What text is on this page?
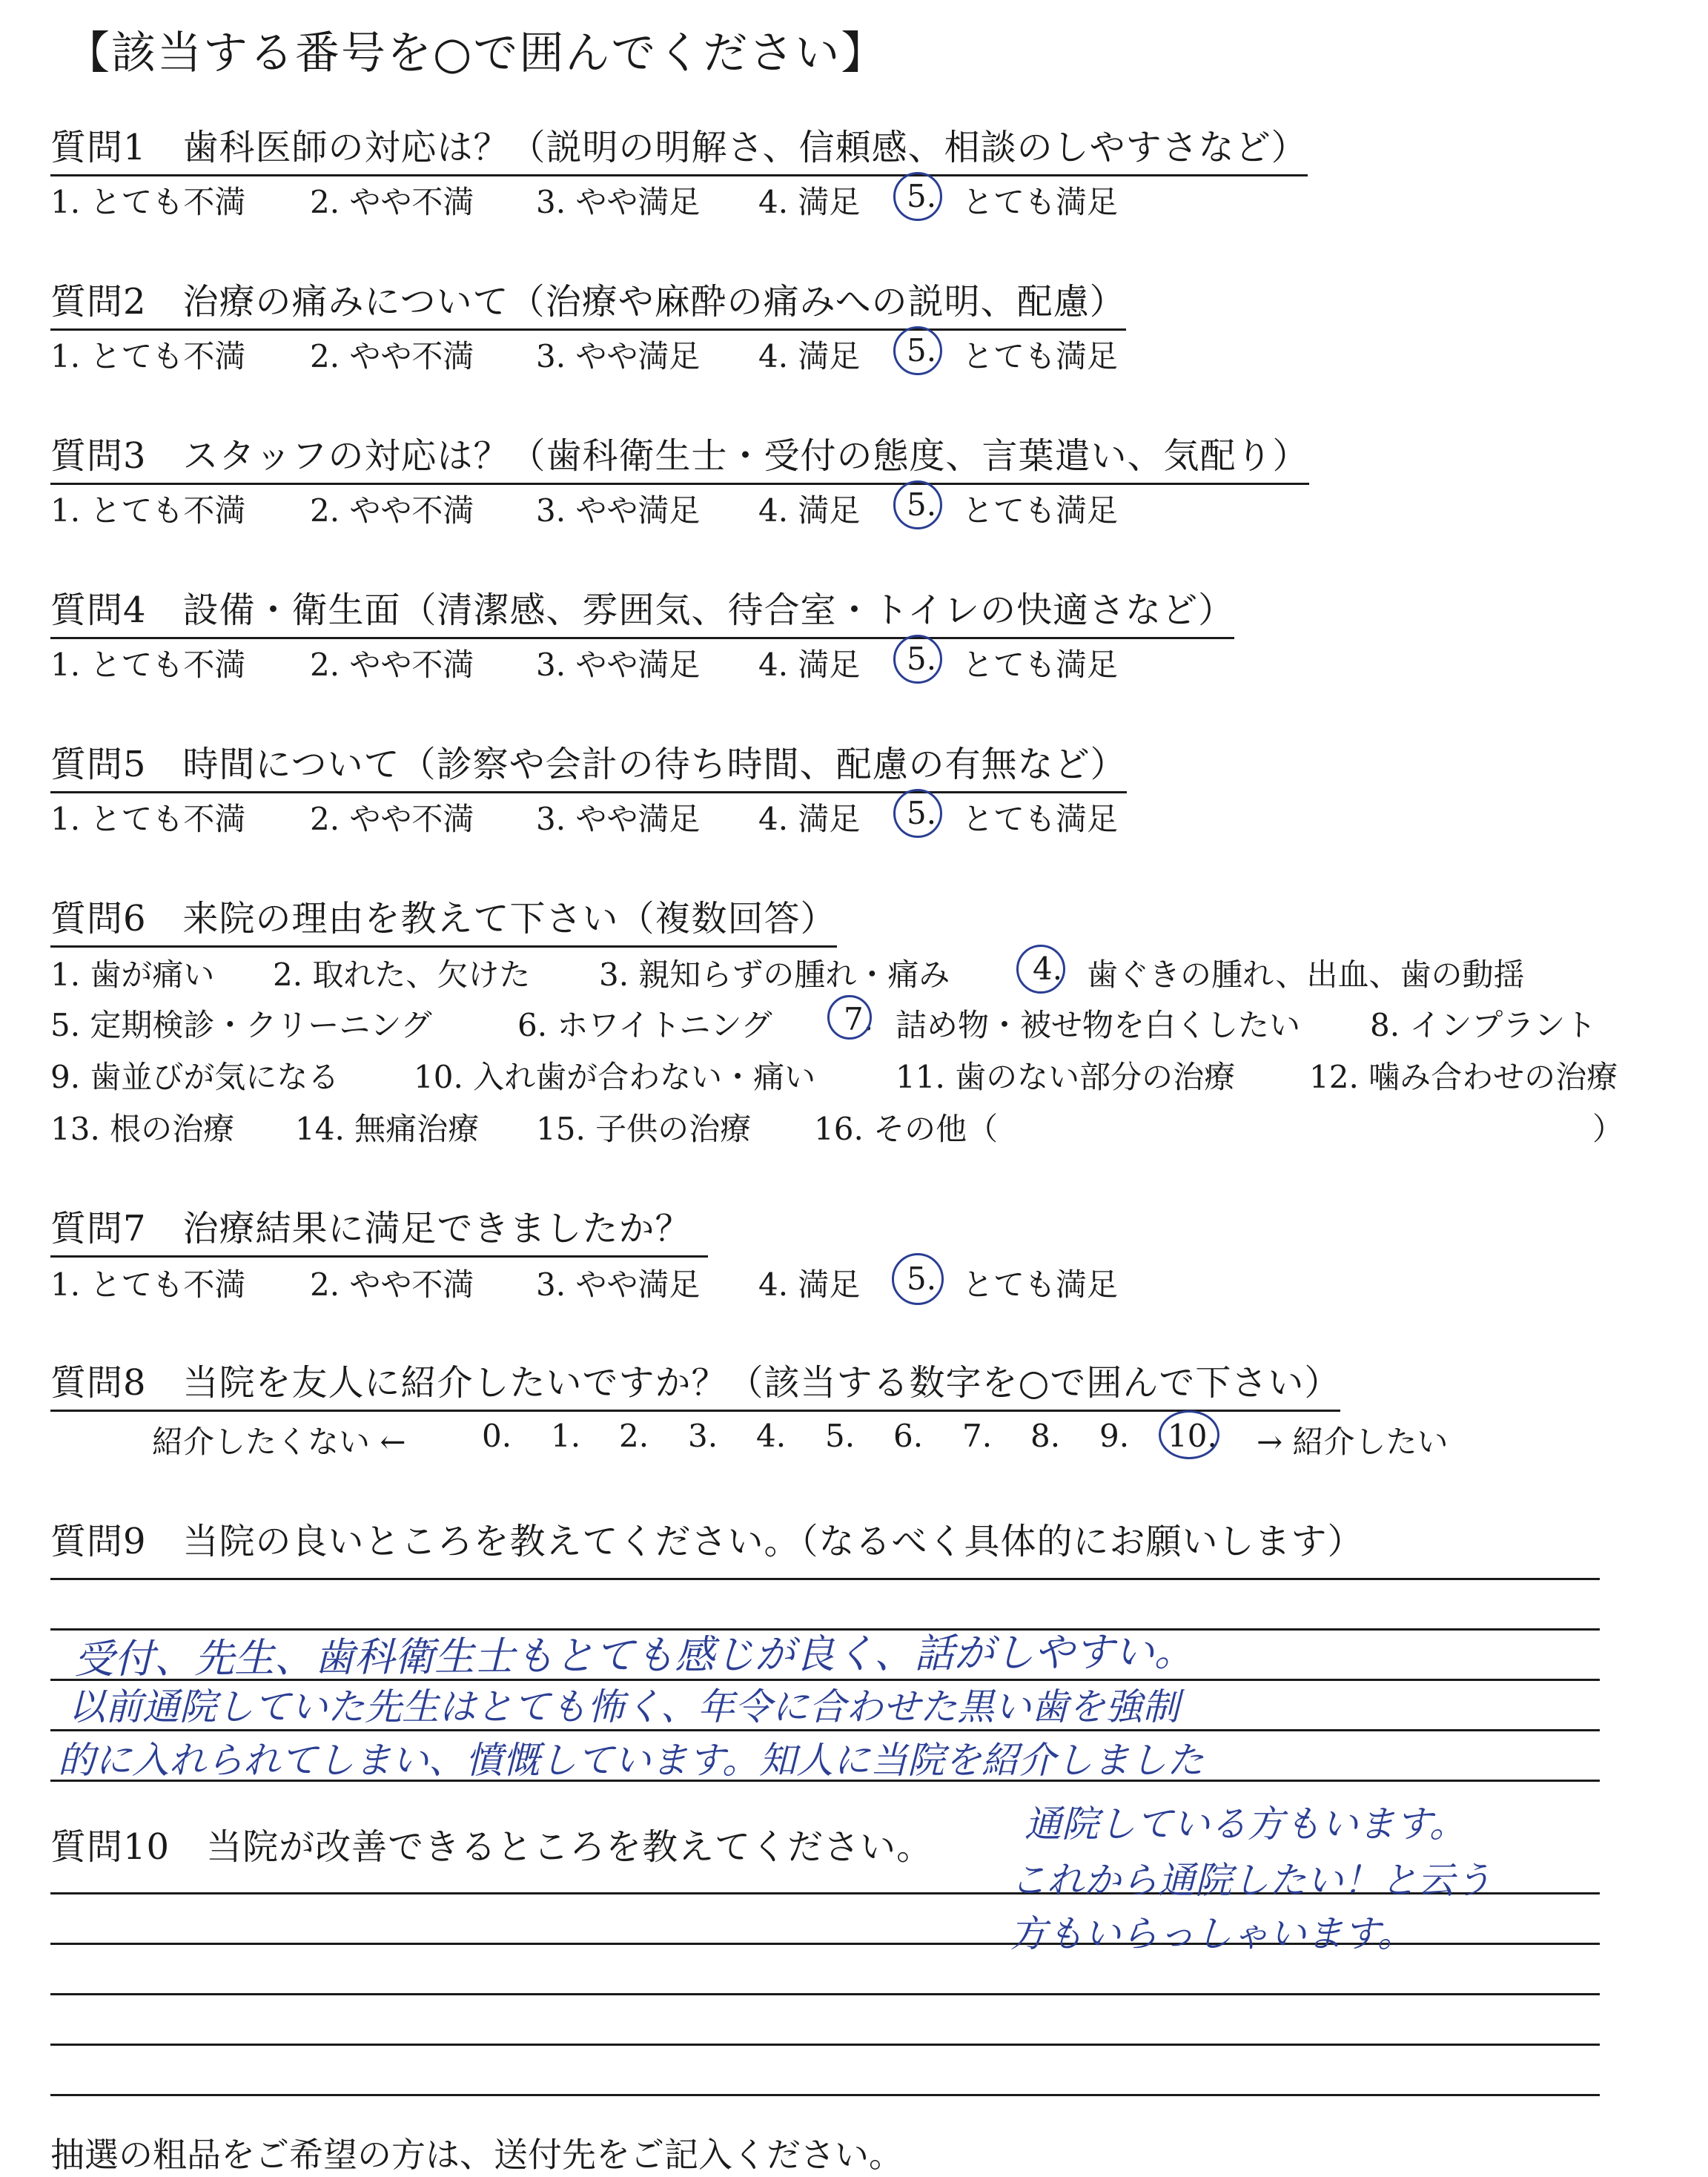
【該当する番号を○で囲んでください】
質問1　歯科医師の対応は？（説明の明解さ、信頼感、相談のしやすさなど）
1. とても不満 2. やや不満 3. やや満足 4. 満足 5. とても満足
質問2　治療の痛みについて（治療や麻酔の痛みへの説明、配慮）
1. とても不満 2. やや不満 3. やや満足 4. 満足 5. とても満足
質問3　スタッフの対応は？（歯科衛生士・受付の態度、言葉遣い、気配り）
1. とても不満 2. やや不満 3. やや満足 4. 満足 5. とても満足
質問4　設備・衛生面（清潔感、雰囲気、待合室・トイレの快適さなど）
1. とても不満 2. やや不満 3. やや満足 4. 満足 5. とても満足
質問5　時間について（診察や会計の待ち時間、配慮の有無など）
1. とても不満 2. やや不満 3. やや満足 4. 満足 5. とても満足
質問6　来院の理由を教えて下さい（複数回答）
1. 歯が痛い 2. 取れた、欠けた 3. 親知らずの腫れ・痛み	4. 歯ぐきの腫れ、出血、歯の動揺
5. 定期検診・クリーニング	6. ホワイトニング 7. 詰め物・被せ物を白くしたい 8. インプラント
9. 歯並びが気になる 10. 入れ歯が合わない・痛い	11. 歯のない部分の治療 12. 噛み合わせの治療
13. 根の治療 14. 無痛治療 15. 子供の治療 16. その他（	）
質問7　治療結果に満足できましたか？
1. とても不満 2. やや不満 3. やや満足 4. 満足 5. とても満足
質問8　当院を友人に紹介したいですか？（該当する数字を○で囲んで下さい）
紹介したくない ← 0. 1. 2. 3. 4. 5. 6. 7. 8. 9. 10. → 紹介したい
質問9　当院の良いところを教えてください。（なるべく具体的にお願いします）
受付、先生、歯科衛生士もとても感じが良く、話がしやすい。
以前通院していた先生はとても怖く、年令に合わせた黒い歯を強制
的に入れられてしまい、憤慨しています。知人に当院を紹介しました
質問10　当院が改善できるところを教えてください。
通院している方もいます。
これから通院したい！と云う
方もいらっしゃいます。
抽選の粗品をご希望の方は、送付先をご記入ください。
